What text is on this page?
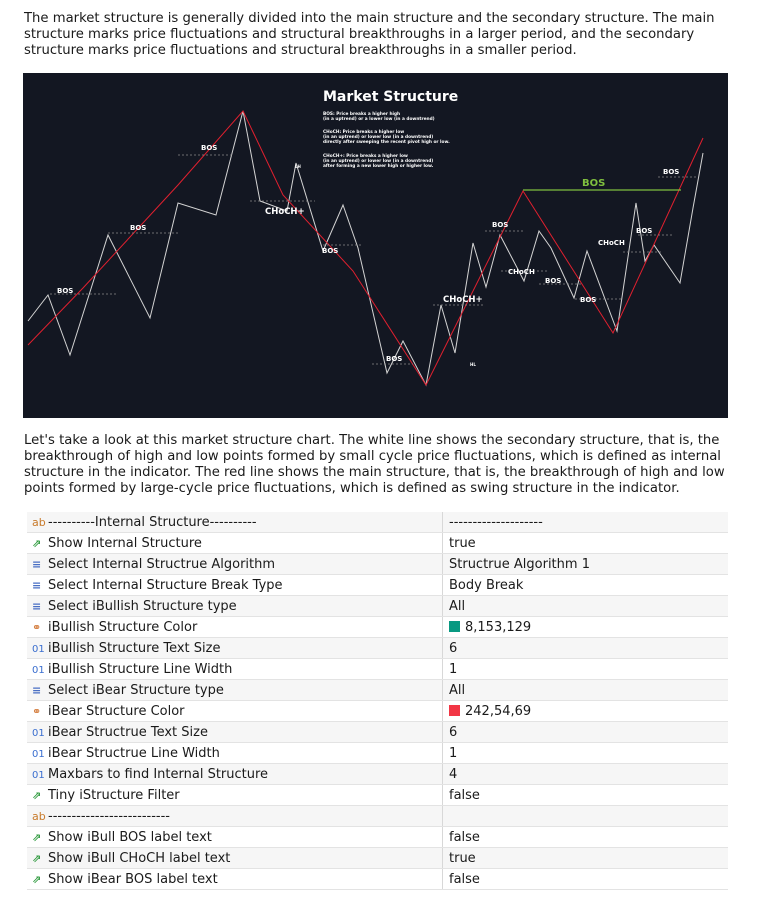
The market structure is generally divided into the main structure and the secondary structure. The main structure marks price fluctuations and structural breakthroughs in a larger period, and the secondary structure marks price fluctuations and structural breakthroughs in a smaller period.

Market Structure
BOS: Price breaks a higher high
(in a uptrend) or a lower low (in a downtrend)
CHoCH: Price breaks a higher low
(in an uptrend) or lower low (in a downtrend)
directly after sweeping the recent pivot high or low.
CHoCH+: Price breaks a higher low
(in an uptrend) or lower low (in a downtrend)
after forming a new lower high or higher low.
BOS
BOS
BOS
CHoCH+
LH
BOS
BOS
CHoCH+
HL
BOS
CHoCH
BOS
BOS
CHoCH
BOS
BOS
BOS

Let's take a look at this market structure chart. The white line shows the secondary structure, that is, the breakthrough of high and low points formed by small cycle price fluctuations, which is defined as internal structure in the indicator. The red line shows the main structure, that is, the breakthrough of high and low points formed by large-cycle price fluctuations, which is defined as swing structure in the indicator.

ab ----------Internal Structure----------	--------------------
⇗ Show Internal Structure	true
≡ Select Internal Structrue Algorithm	Structrue Algorithm 1
≡ Select Internal Structure Break Type	Body Break
≡ Select iBullish Structure type	All
⚭ iBullish Structure Color	8,153,129
01 iBullish Structure Text Size	6
01 iBullish Structure Line Width	1
≡ Select iBear Structure type	All
⚭ iBear Structure Color	242,54,69
01 iBear Structrue Text Size	6
01 iBear Structrue Line Width	1
01 Maxbars to find Internal Structure	4
⇗ Tiny iStructure Filter	false
ab --------------------------	
⇗ Show iBull BOS label text	false
⇗ Show iBull CHoCH label text	true
⇗ Show iBear BOS label text	false
